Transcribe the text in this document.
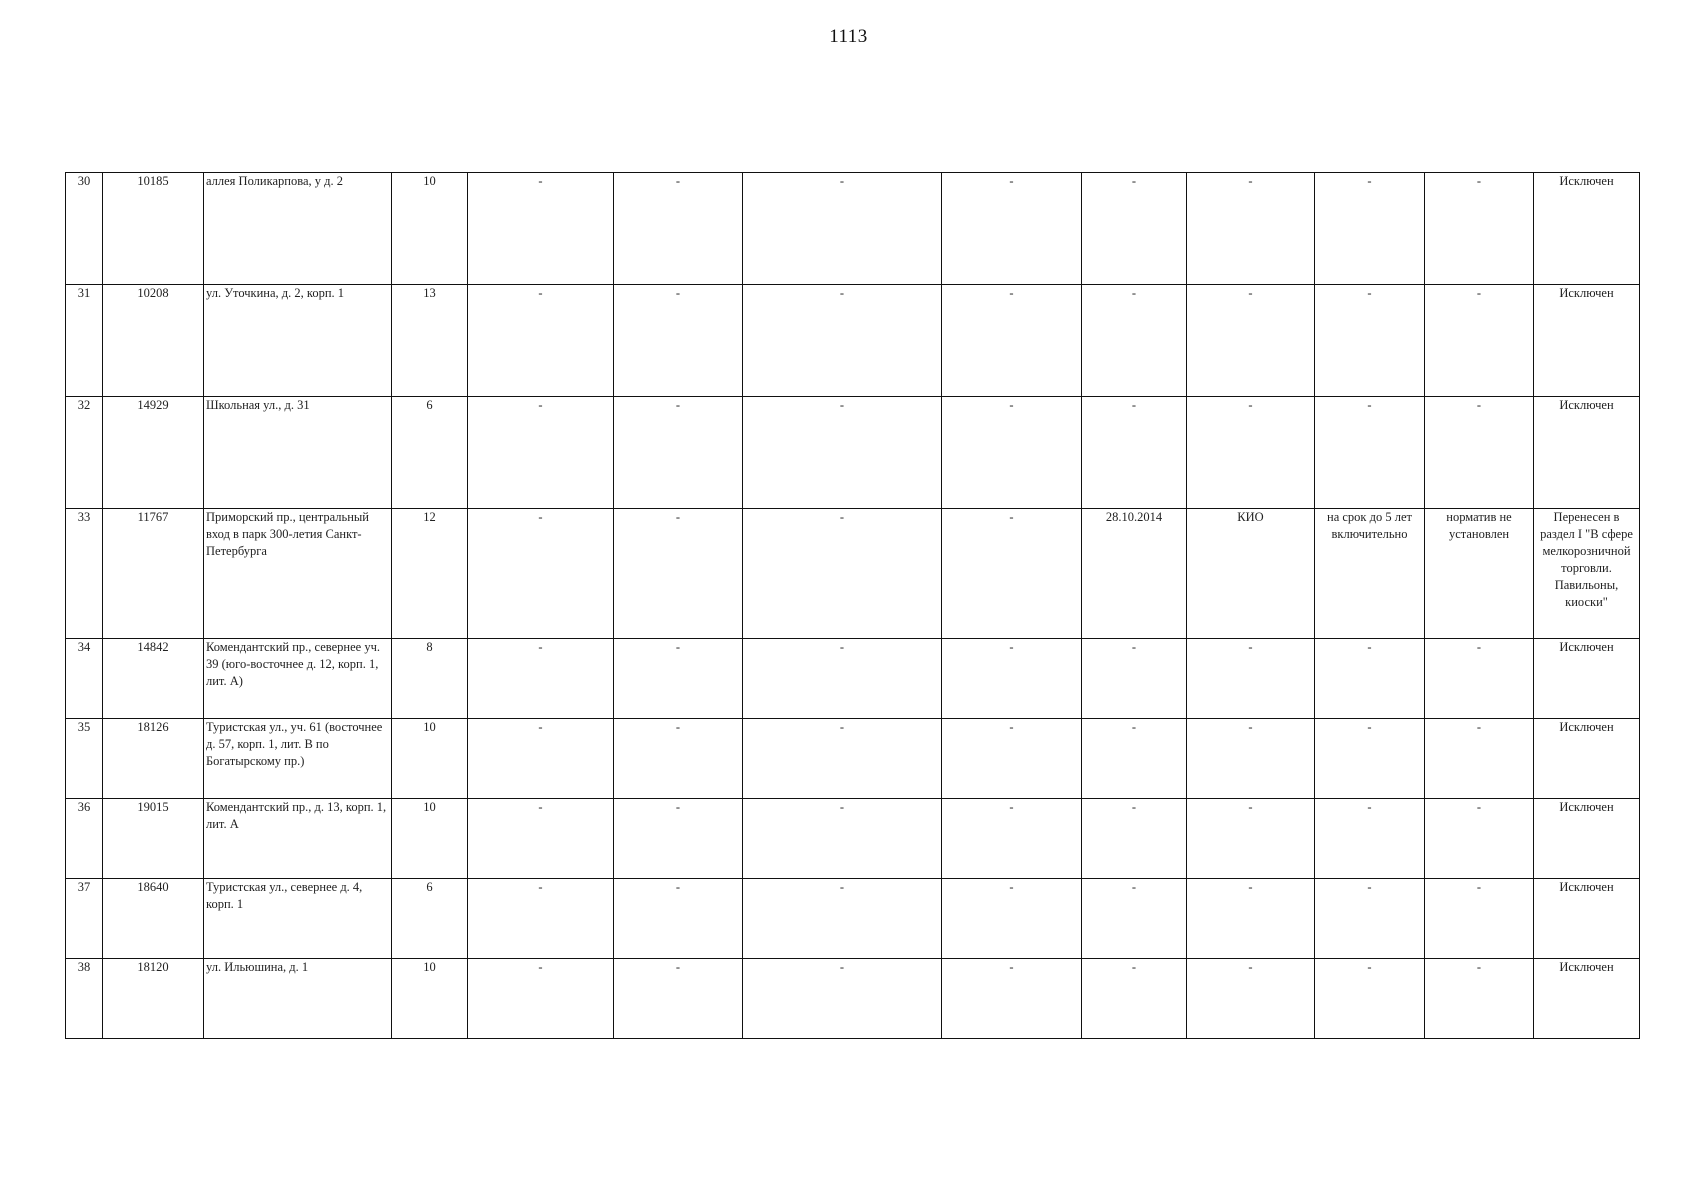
1113
30	10185	аллея Поликарпова, у д. 2	10	-	-	-	-	-	-	-	-	Исключен
31	10208	ул. Уточкина, д. 2, корп. 1	13	-	-	-	-	-	-	-	-	Исключен
32	14929	Школьная ул., д. 31	6	-	-	-	-	-	-	-	-	Исключен
33	11767	Приморский пр., центральный вход в парк 300-летия Санкт-Петербурга	12	-	-	-	-	28.10.2014	КИО	на срок до 5 лет включительно	норматив не установлен	Перенесен в раздел I "В сфере мелкорозничной торговли. Павильоны, киоски"
34	14842	Комендантский пр., севернее уч. 39 (юго-восточнее д. 12, корп. 1, лит. А)	8	-	-	-	-	-	-	-	-	Исключен
35	18126	Туристская ул., уч. 61 (восточнее д. 57, корп. 1, лит. В по Богатырскому пр.)	10	-	-	-	-	-	-	-	-	Исключен
36	19015	Комендантский пр., д. 13, корп. 1, лит. А	10	-	-	-	-	-	-	-	-	Исключен
37	18640	Туристская ул., севернее д. 4, корп. 1	6	-	-	-	-	-	-	-	-	Исключен
38	18120	ул. Ильюшина, д. 1	10	-	-	-	-	-	-	-	-	Исключен
